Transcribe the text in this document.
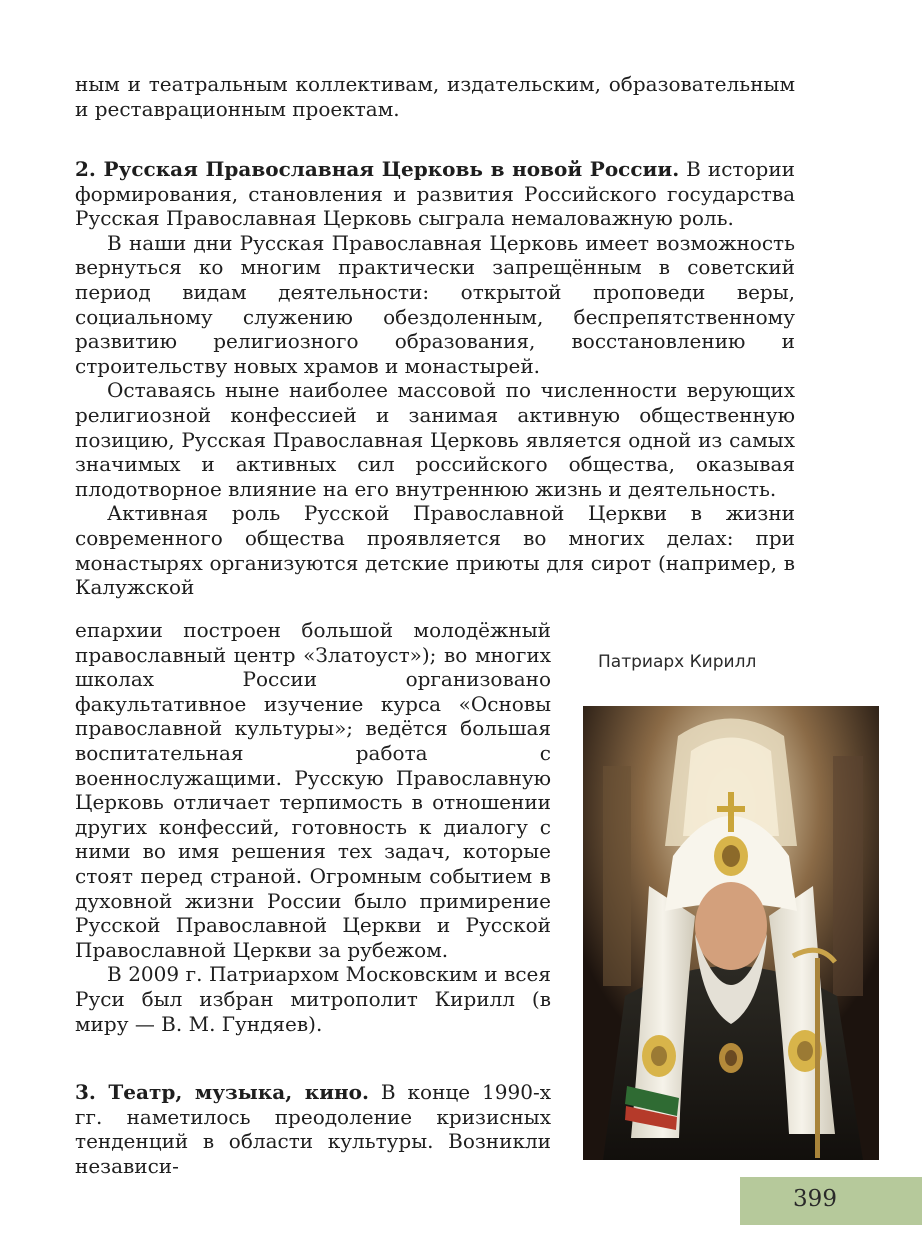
ным и театральным коллективам, издательским, образовательным и реставрационным проектам.

2. Русская Православная Церковь в новой России. В истории формирования, становления и развития Российского государства Русская Православная Церковь сыграла немаловажную роль.

В наши дни Русская Православная Церковь имеет возможность вернуться ко многим практически запрещённым в советский период видам деятельности: открытой проповеди веры, социальному служению обездоленным, беспрепятственному развитию религиозного образования, восстановлению и строительству новых храмов и монастырей.

Оставаясь ныне наиболее массовой по численности верующих религиозной конфессией и занимая активную общественную позицию, Русская Православная Церковь является одной из самых значимых и активных сил российского общества, оказывая плодотворное влияние на его внутреннюю жизнь и деятельность.

Активная роль Русской Православной Церкви в жизни современного общества проявляется во многих делах: при монастырях организуются детские приюты для сирот (например, в Калужской

епархии построен большой молодёжный православный центр «Златоуст»); во многих школах России организовано факультативное изучение курса «Основы православной культуры»; ведётся большая воспитательная работа с военнослужащими. Русскую Православную Церковь отличает терпимость в отношении других конфессий, готовность к диалогу с ними во имя решения тех задач, которые стоят перед страной. Огромным событием в духовной жизни России было примирение Русской Православной Церкви и Русской Православной Церкви за рубежом.

В 2009 г. Патриархом Московским и всея Руси был избран митрополит Кирилл (в миру — В. М. Гундяев).

3. Театр, музыка, кино. В конце 1990-х гг. наметилось преодоление кризисных тенденций в области культуры. Возникли независи-

Патриарх Кирилл
399
